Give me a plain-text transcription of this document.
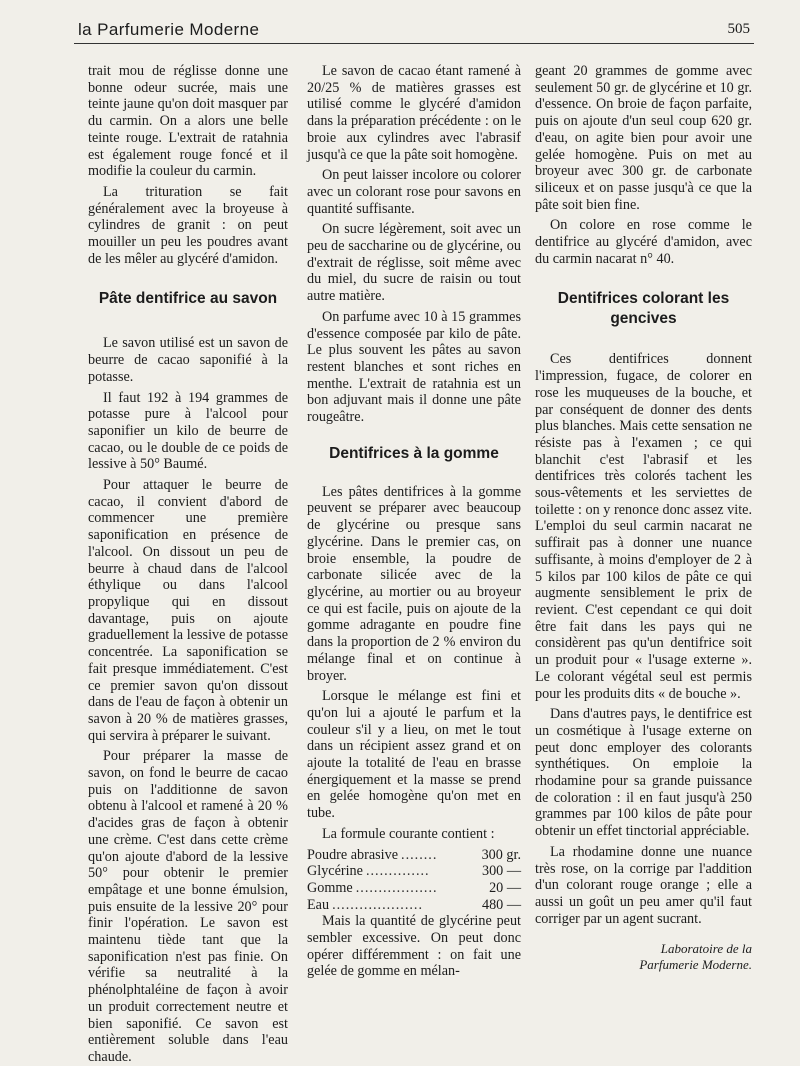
la Parfumerie Moderne	505

trait mou de réglisse donne une bonne odeur sucrée, mais une teinte jaune qu'on doit masquer par du carmin. On a alors une belle teinte rouge. L'extrait de ratahnia est également rouge foncé et il modifie la couleur du carmin.

La trituration se fait généralement avec la broyeuse à cylindres de granit : on peut mouiller un peu les poudres avant de les mêler au glycéré d'amidon.

Pâte dentifrice au savon

Le savon utilisé est un savon de beurre de cacao saponifié à la potasse.

Il faut 192 à 194 grammes de potasse pure à l'alcool pour saponifier un kilo de beurre de cacao, ou le double de ce poids de lessive à 50° Baumé.

Pour attaquer le beurre de cacao, il convient d'abord de commencer une première saponification en présence de l'alcool. On dissout un peu de beurre à chaud dans de l'alcool éthylique ou dans l'alcool propylique qui en dissout davantage, puis on ajoute graduellement la lessive de potasse concentrée. La saponification se fait presque immédiatement. C'est ce premier savon qu'on dissout dans de l'eau de façon à obtenir un savon à 20 % de matières grasses, qui servira à préparer le suivant.

Pour préparer la masse de savon, on fond le beurre de cacao puis on l'additionne de savon obtenu à l'alcool et ramené à 20 % d'acides gras de façon à obtenir une crème. C'est dans cette crème qu'on ajoute d'abord de la lessive 50° pour obtenir le premier empâtage et une bonne émulsion, puis ensuite de la lessive 20° pour finir l'opération. Le savon est maintenu tiède tant que la saponification n'est pas finie. On vérifie sa neutralité à la phénolphtaléine de façon à avoir un produit correctement neutre et bien saponifié. Ce savon est entièrement soluble dans l'eau chaude.

Le savon de cacao étant ramené à 20/25 % de matières grasses est utilisé comme le glycéré d'amidon dans la préparation précédente : on le broie aux cylindres avec l'abrasif jusqu'à ce que la pâte soit homogène.

On peut laisser incolore ou colorer avec un colorant rose pour savons en quantité suffisante.

On sucre légèrement, soit avec un peu de saccharine ou de glycérine, ou d'extrait de réglisse, soit même avec du miel, du sucre de raisin ou tout autre matière.

On parfume avec 10 à 15 grammes d'essence composée par kilo de pâte. Le plus souvent les pâtes au savon restent blanches et sont riches en menthe. L'extrait de ratahnia est un bon adjuvant mais il donne une pâte rougeâtre.

Dentifrices à la gomme

Les pâtes dentifrices à la gomme peuvent se préparer avec beaucoup de glycérine ou presque sans glycérine. Dans le premier cas, on broie ensemble, la poudre de carbonate silicée avec de la glycérine, au mortier ou au broyeur ce qui est facile, puis on ajoute de la gomme adragante en poudre fine dans la proportion de 2 % environ du mélange final et on continue à broyer.

Lorsque le mélange est fini et qu'on lui a ajouté le parfum et la couleur s'il y a lieu, on met le tout dans un récipient assez grand et on ajoute la totalité de l'eau en brasse énergiquement et la masse se prend en gelée homogène qu'on met en tube.

La formule courante contient :

Poudre abrasive ........	300 gr.
Glycérine ..............	300 —
Gomme ..................	20 —
Eau ....................	480 —

Mais la quantité de glycérine peut sembler excessive. On peut donc opérer différemment : on fait une gelée de gomme en mélan-

geant 20 grammes de gomme avec seulement 50 gr. de glycérine et 10 gr. d'essence. On broie de façon parfaite, puis on ajoute d'un seul coup 620 gr. d'eau, on agite bien pour avoir une gelée homogène. Puis on met au broyeur avec 300 gr. de carbonate siliceux et on passe jusqu'à ce que la pâte soit bien fine.

On colore en rose comme le dentifrice au glycéré d'amidon, avec du carmin nacarat n° 40.

Dentifrices colorant les gencives

Ces dentifrices donnent l'impression, fugace, de colorer en rose les muqueuses de la bouche, et par conséquent de donner des dents plus blanches. Mais cette sensation ne résiste pas à l'examen ; ce qui blanchit c'est l'abrasif et les dentifrices très colorés tachent les sous-vêtements et les serviettes de toilette : on y renonce donc assez vite. L'emploi du seul carmin nacarat ne suffirait pas à donner une nuance suffisante, à moins d'employer de 2 à 5 kilos par 100 kilos de pâte ce qui augmente sensiblement le prix de revient. C'est cependant ce qui doit être fait dans les pays qui ne considèrent pas qu'un dentifrice soit un produit pour « l'usage externe ». Le colorant végétal seul est permis pour les produits dits « de bouche ».

Dans d'autres pays, le dentifrice est un cosmétique à l'usage externe on peut donc employer des colorants synthétiques. On emploie la rhodamine pour sa grande puissance de coloration : il en faut jusqu'à 250 grammes par 100 kilos de pâte pour obtenir un effet tinctorial appréciable.

La rhodamine donne une nuance très rose, on la corrige par l'addition d'un colorant rouge orange ; elle a aussi un goût un peu amer qu'il faut corriger par un agent sucrant.

Laboratoire de la
Parfumerie Moderne.
